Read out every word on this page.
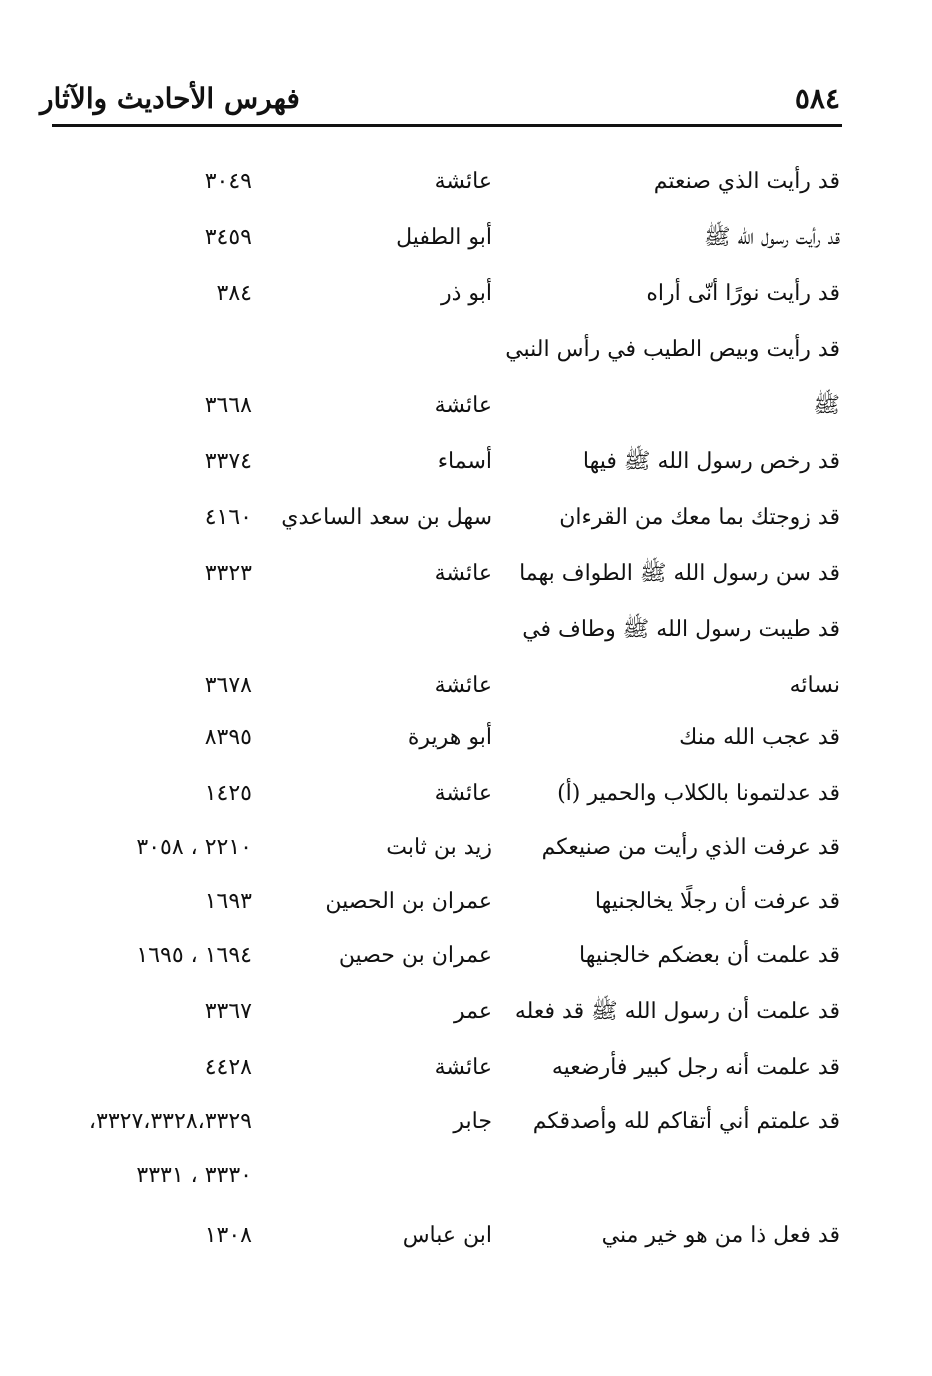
٥٨٤
فهرس الأحاديث والآثار
قد رأيت الذي صنعتم
عائشة
٣٠٤٩
قد رأيت رسول الله ﷺ
أبو الطفيل
٣٤٥٩
قد رأيت نورًا أنّى أراه
أبو ذر
٣٨٤
قد رأيت وبيص الطيب في رأس النبي
ﷺ
عائشة
٣٦٦٨
قد رخص رسول الله ﷺ فيها
أسماء
٣٣٧٤
قد زوجتك بما معك من القرءان
سهل بن سعد الساعدي
٤١٦٠
قد سن رسول الله ﷺ الطواف بهما
عائشة
٣٣٢٣
قد طيبت رسول الله ﷺ وطاف في
نسائه
عائشة
٣٦٧٨
قد عجب الله منك
أبو هريرة
٨٣٩٥
قد عدلتمونا بالكلاب والحمير (أ)
عائشة
١٤٢٥
قد عرفت الذي رأيت من صنيعكم
زيد بن ثابت
٢٢١٠ ، ٣٠٥٨
قد عرفت أن رجلًا يخالجنيها
عمران بن الحصين
١٦٩٣
قد علمت أن بعضكم خالجنيها
عمران بن حصين
١٦٩٤ ، ١٦٩٥
قد علمت أن رسول الله ﷺ قد فعله
عمر
٣٣٦٧
قد علمت أنه رجل كبير فأرضعيه
عائشة
٤٤٢٨
قد علمتم أني أتقاكم لله وأصدقكم
جابر
٣٣٢٧،٣٣٢٨،٣٣٢٩،
٣٣٣٠ ، ٣٣٣١
قد فعل ذا من هو خير مني
ابن عباس
١٣٠٨
